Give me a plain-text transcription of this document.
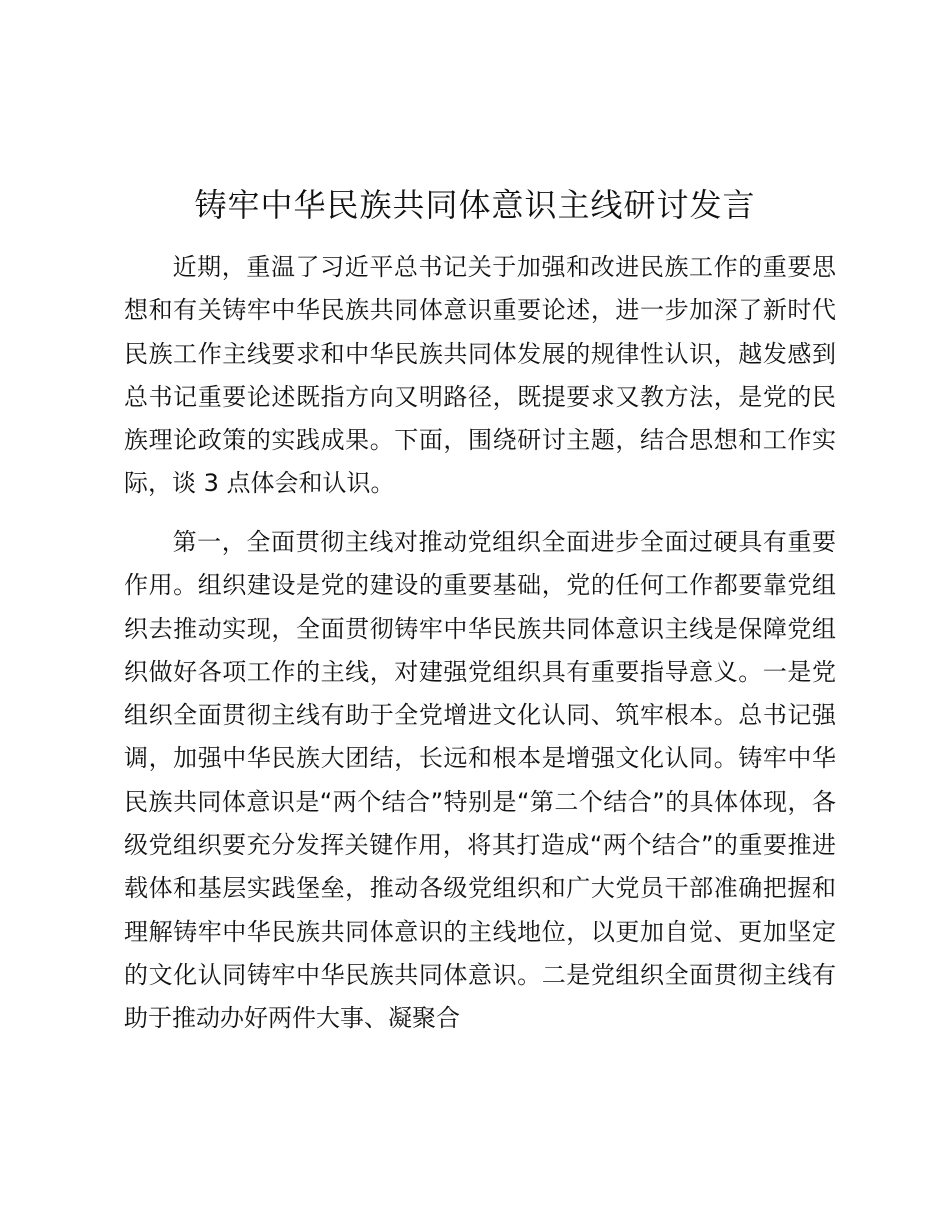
铸牢中华民族共同体意识主线研讨发言

近期，重温了习近平总书记关于加强和改进民族工作的重要思想和有关铸牢中华民族共同体意识重要论述，进一步加深了新时代民族工作主线要求和中华民族共同体发展的规律性认识，越发感到总书记重要论述既指方向又明路径，既提要求又教方法，是党的民族理论政策的实践成果。下面，围绕研讨主题，结合思想和工作实际，谈 3 点体会和认识。

第一，全面贯彻主线对推动党组织全面进步全面过硬具有重要作用。组织建设是党的建设的重要基础，党的任何工作都要靠党组织去推动实现，全面贯彻铸牢中华民族共同体意识主线是保障党组织做好各项工作的主线，对建强党组织具有重要指导意义。一是党组织全面贯彻主线有助于全党增进文化认同、筑牢根本。总书记强调，加强中华民族大团结，长远和根本是增强文化认同。铸牢中华民族共同体意识是“两个结合”特别是“第二个结合”的具体体现，各级党组织要充分发挥关键作用，将其打造成“两个结合”的重要推进载体和基层实践堡垒，推动各级党组织和广大党员干部准确把握和理解铸牢中华民族共同体意识的主线地位，以更加自觉、更加坚定的文化认同铸牢中华民族共同体意识。二是党组织全面贯彻主线有助于推动办好两件大事、凝聚合
